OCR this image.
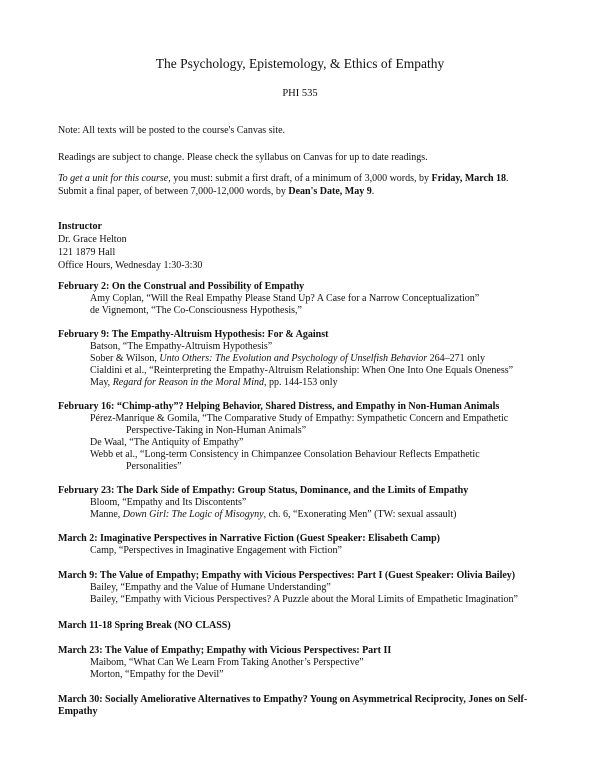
The Psychology, Epistemology, & Ethics of Empathy
PHI 535
Note: All texts will be posted to the course's Canvas site.
Readings are subject to change. Please check the syllabus on Canvas for up to date readings.
To get a unit for this course, you must: submit a first draft, of a minimum of 3,000 words, by Friday, March 18.
Submit a final paper, of between 7,000-12,000 words, by Dean's Date, May 9.
Instructor
Dr. Grace Helton
121 1879 Hall
Office Hours, Wednesday 1:30-3:30
February 2: On the Construal and Possibility of Empathy
Amy Coplan, “Will the Real Empathy Please Stand Up? A Case for a Narrow Conceptualization”
de Vignemont, “The Co-Consciousness Hypothesis,”
February 9: The Empathy-Altruism Hypothesis: For & Against
Batson, “The Empathy-Altruism Hypothesis”
Sober & Wilson, Unto Others: The Evolution and Psychology of Unselfish Behavior 264–271 only
Cialdini et al., “Reinterpreting the Empathy-Altruism Relationship: When One Into One Equals Oneness”
May, Regard for Reason in the Moral Mind, pp. 144-153 only
February 16: “Chimp-athy”? Helping Behavior, Shared Distress, and Empathy in Non-Human Animals
Pérez-Manrique & Gomila, “The Comparative Study of Empathy: Sympathetic Concern and Empathetic
Perspective-Taking in Non-Human Animals”
De Waal, “The Antiquity of Empathy”
Webb et al., “Long-term Consistency in Chimpanzee Consolation Behaviour Reflects Empathetic
Personalities”
February 23: The Dark Side of Empathy: Group Status, Dominance, and the Limits of Empathy
Bloom, “Empathy and Its Discontents”
Manne, Down Girl: The Logic of Misogyny, ch. 6, “Exonerating Men” (TW: sexual assault)
March 2: Imaginative Perspectives in Narrative Fiction (Guest Speaker: Elisabeth Camp)
Camp, “Perspectives in Imaginative Engagement with Fiction”
March 9: The Value of Empathy; Empathy with Vicious Perspectives: Part I (Guest Speaker: Olivia Bailey)
Bailey, “Empathy and the Value of Humane Understanding”
Bailey, “Empathy with Vicious Perspectives? A Puzzle about the Moral Limits of Empathetic Imagination”
March 11-18 Spring Break (NO CLASS)
March 23: The Value of Empathy; Empathy with Vicious Perspectives: Part II
Maibom, “What Can We Learn From Taking Another’s Perspective”
Morton, “Empathy for the Devil”
March 30: Socially Ameliorative Alternatives to Empathy? Young on Asymmetrical Reciprocity, Jones on Self-Empathy
